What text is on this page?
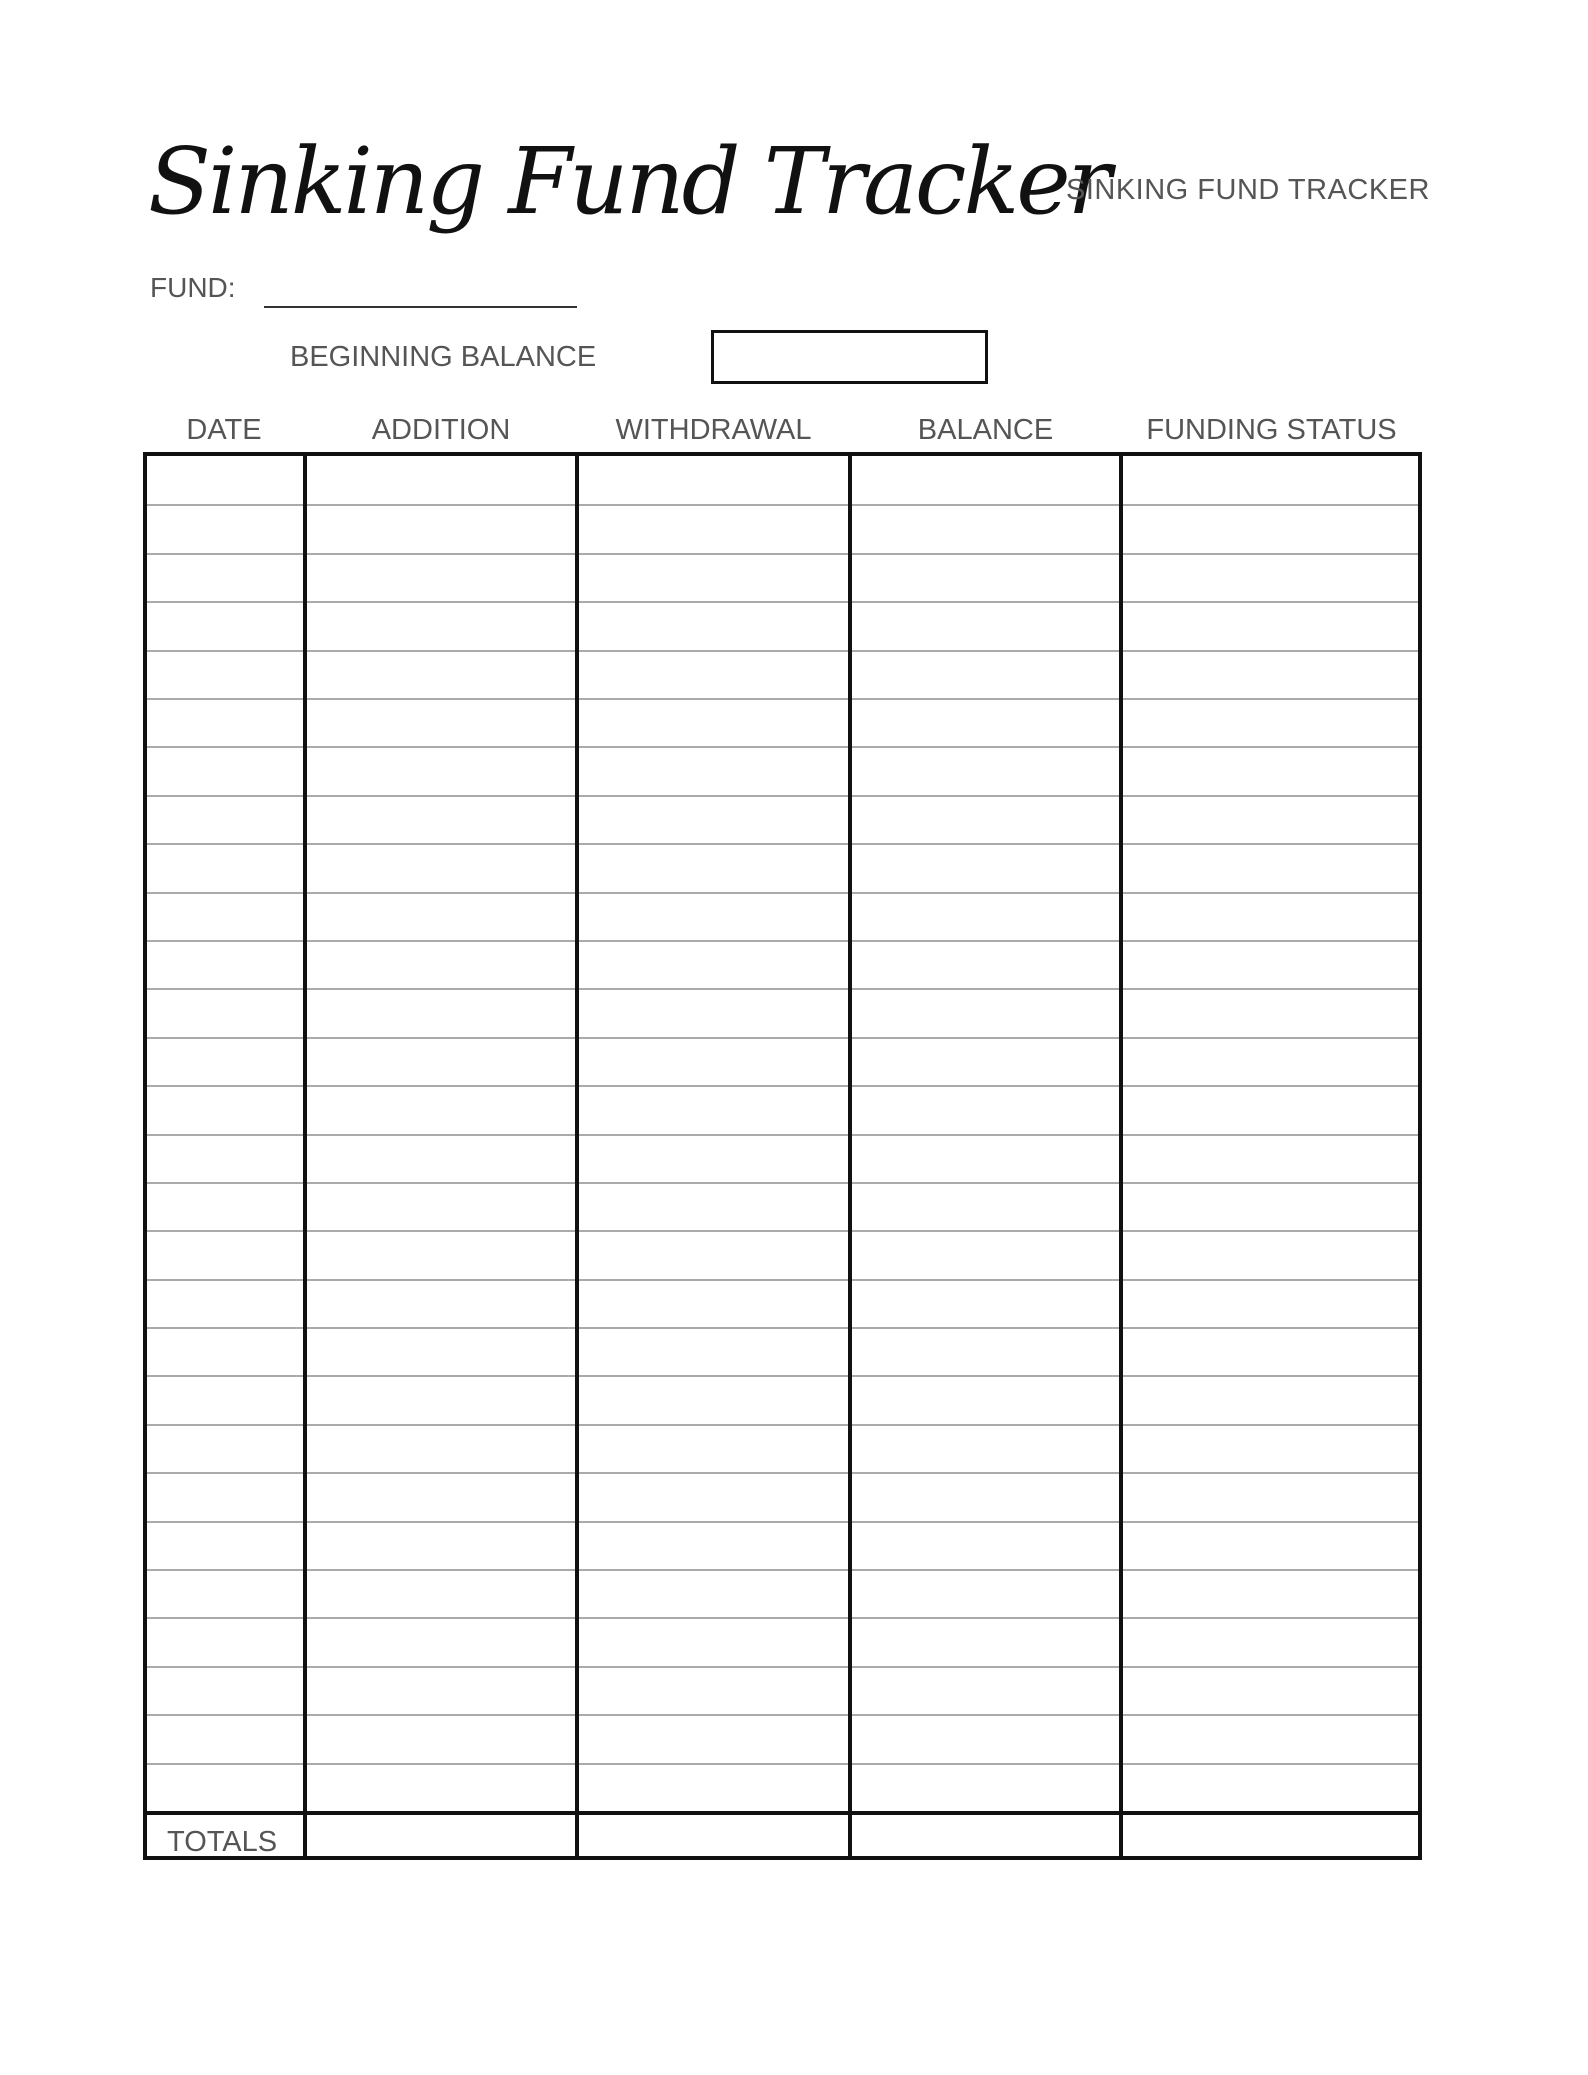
Sinking Fund Tracker
SINKING FUND TRACKER
FUND:
BEGINNING BALANCE
DATE	ADDITION	WITHDRAWAL	BALANCE	FUNDING STATUS
TOTALS
